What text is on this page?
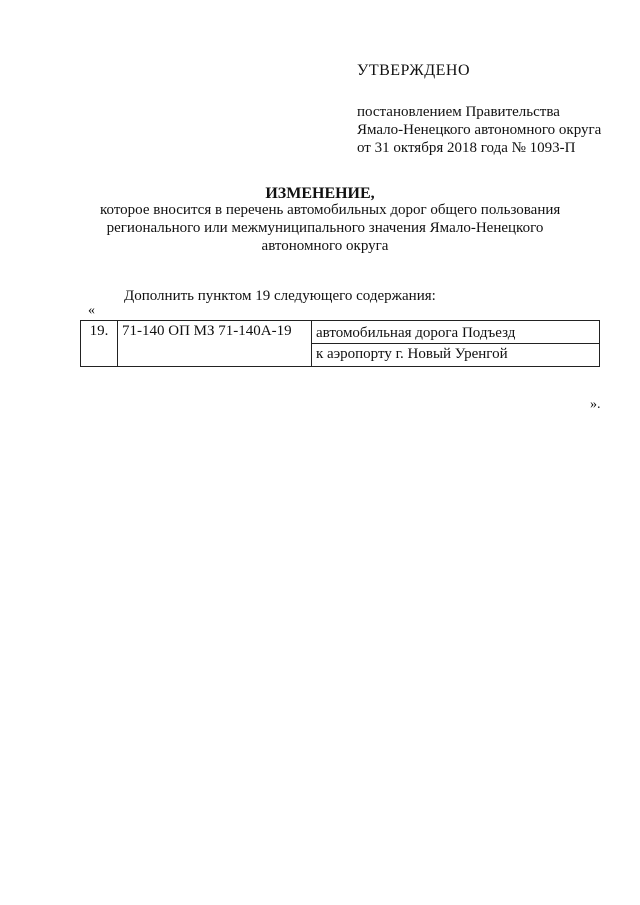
УТВЕРЖДЕНО
постановлением Правительства
Ямало-Ненецкого автономного округа
от 31 октября 2018 года № 1093-П
ИЗМЕНЕНИЕ,
которое вносится в перечень автомобильных дорог общего пользования
регионального или межмуниципального значения Ямало-Ненецкого
автономного округа
Дополнить пунктом 19 следующего содержания:
«
19.	71-140 ОП МЗ 71-140А-19	автомобильная дорога Подъезд
к аэропорту г. Новый Уренгой
».
